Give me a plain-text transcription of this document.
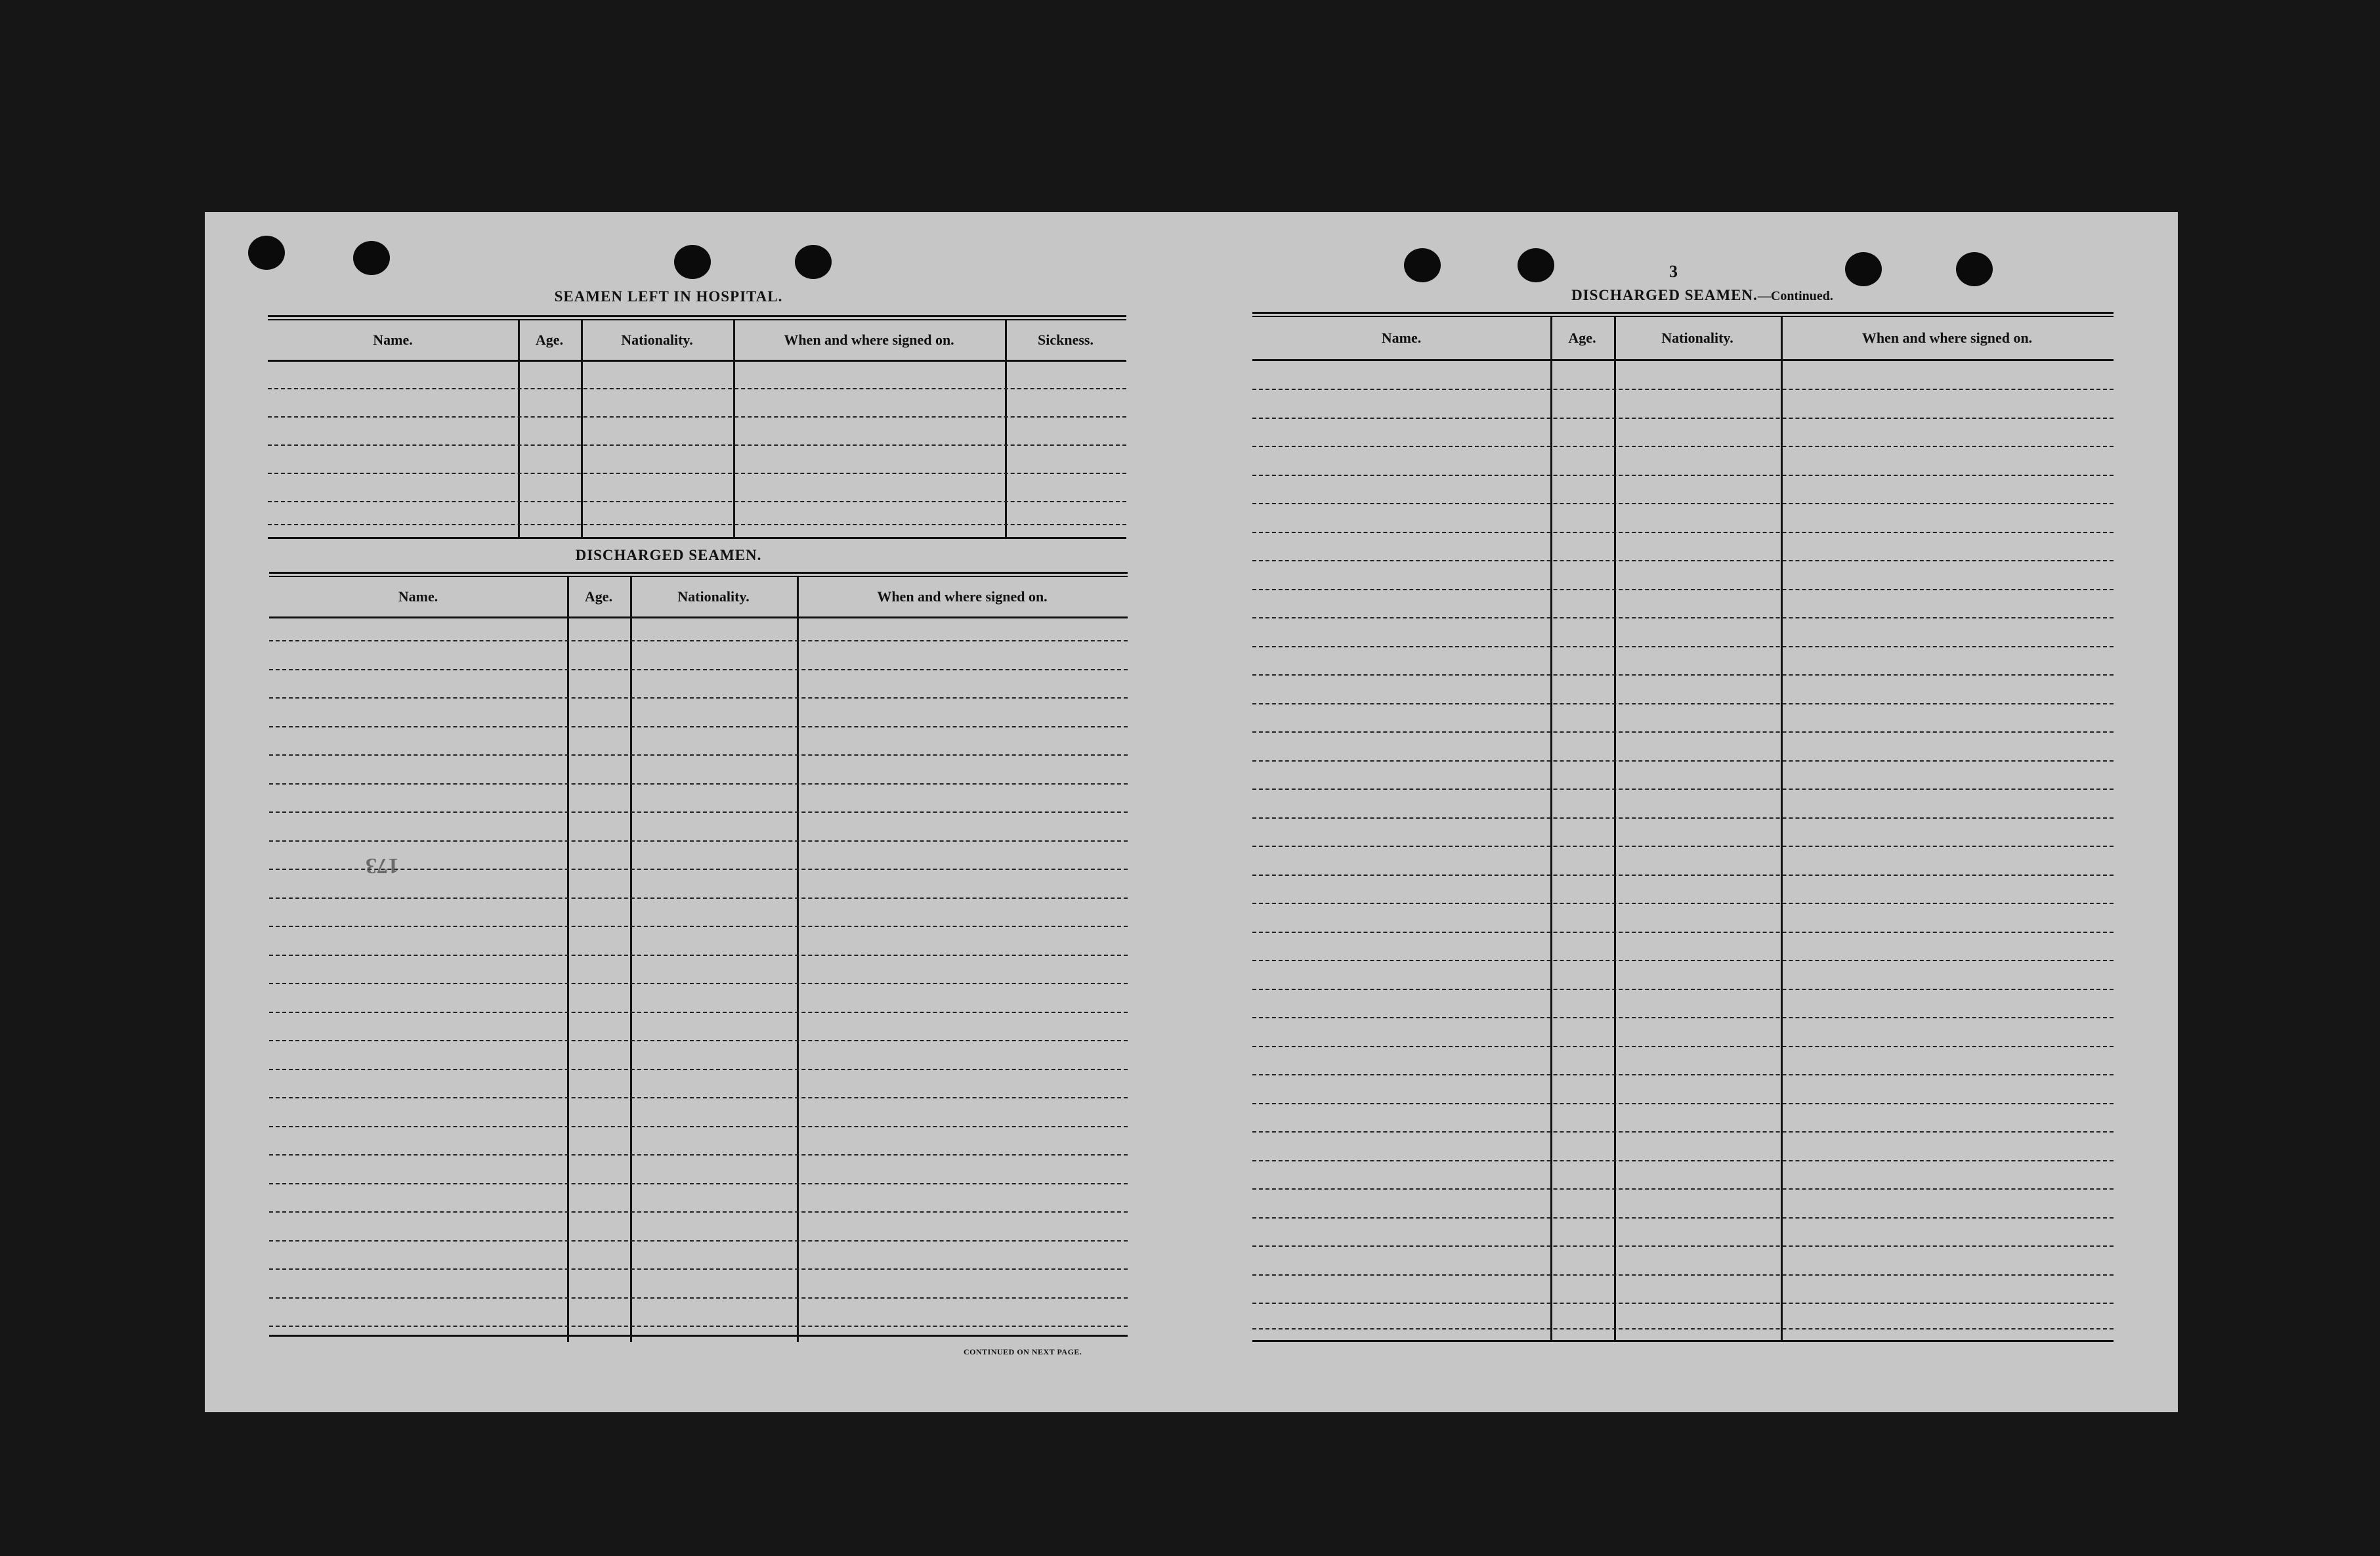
SEAMEN LEFT IN HOSPITAL.
Name.	Age.	Nationality.	When and where signed on.	Sickness.
DISCHARGED SEAMEN.
Name.	Age.	Nationality.	When and where signed on.
173
CONTINUED ON NEXT PAGE.
3
DISCHARGED SEAMEN.—Continued.
Name.	Age.	Nationality.	When and where signed on.
